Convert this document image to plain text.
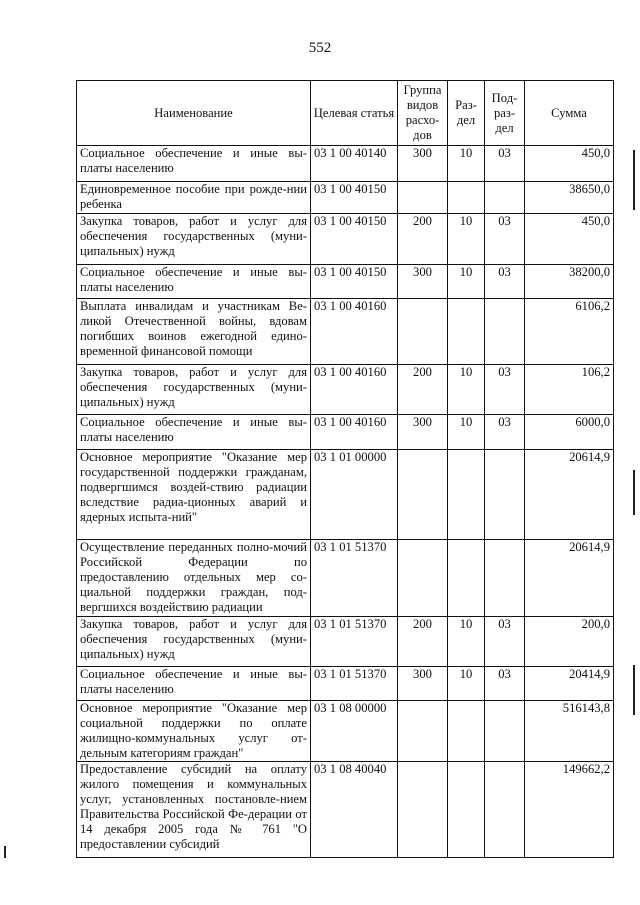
552
Наименование	Целевая статья	Группа видов расхо- дов	Раз- дел	Под- раз- дел	Сумма
Социальное обеспечение и иные вы-платы населению	03 1 00 40140	300	10	03	450,0
Единовременное пособие при рожде-нии ребенка	03 1 00 40150				38650,0
Закупка товаров, работ и услуг для обеспечения государственных (муни-ципальных) нужд	03 1 00 40150	200	10	03	450,0
Социальное обеспечение и иные вы-платы населению	03 1 00 40150	300	10	03	38200,0
Выплата инвалидам и участникам Ве-ликой Отечественной войны, вдовам погибших воинов ежегодной едино-временной финансовой помощи	03 1 00 40160				6106,2
Закупка товаров, работ и услуг для обеспечения государственных (муни-ципальных) нужд	03 1 00 40160	200	10	03	106,2
Социальное обеспечение и иные вы-платы населению	03 1 00 40160	300	10	03	6000,0
Основное мероприятие "Оказание мер государственной поддержки гражданам, подвергшимся воздей-ствию радиации вследствие радиа-ционных аварий и ядерных испыта-ний"	03 1 01 00000				20614,9
Осуществление переданных полно-мочий Российской Федерации по предоставлению отдельных мер со-циальной поддержки граждан, под-вергшихся воздействию радиации	03 1 01 51370				20614,9
Закупка товаров, работ и услуг для обеспечения государственных (муни-ципальных) нужд	03 1 01 51370	200	10	03	200,0
Социальное обеспечение и иные вы-платы населению	03 1 01 51370	300	10	03	20414,9
Основное мероприятие "Оказание мер социальной поддержки по оплате жилищно-коммунальных услуг от-дельным категориям граждан"	03 1 08 00000				516143,8
Предоставление субсидий на оплату жилого помещения и коммунальных услуг, установленных постановле-нием Правительства Российской Фе-дерации от 14 декабря 2005 года № 761 "О предоставлении субсидий	03 1 08 40040				149662,2
